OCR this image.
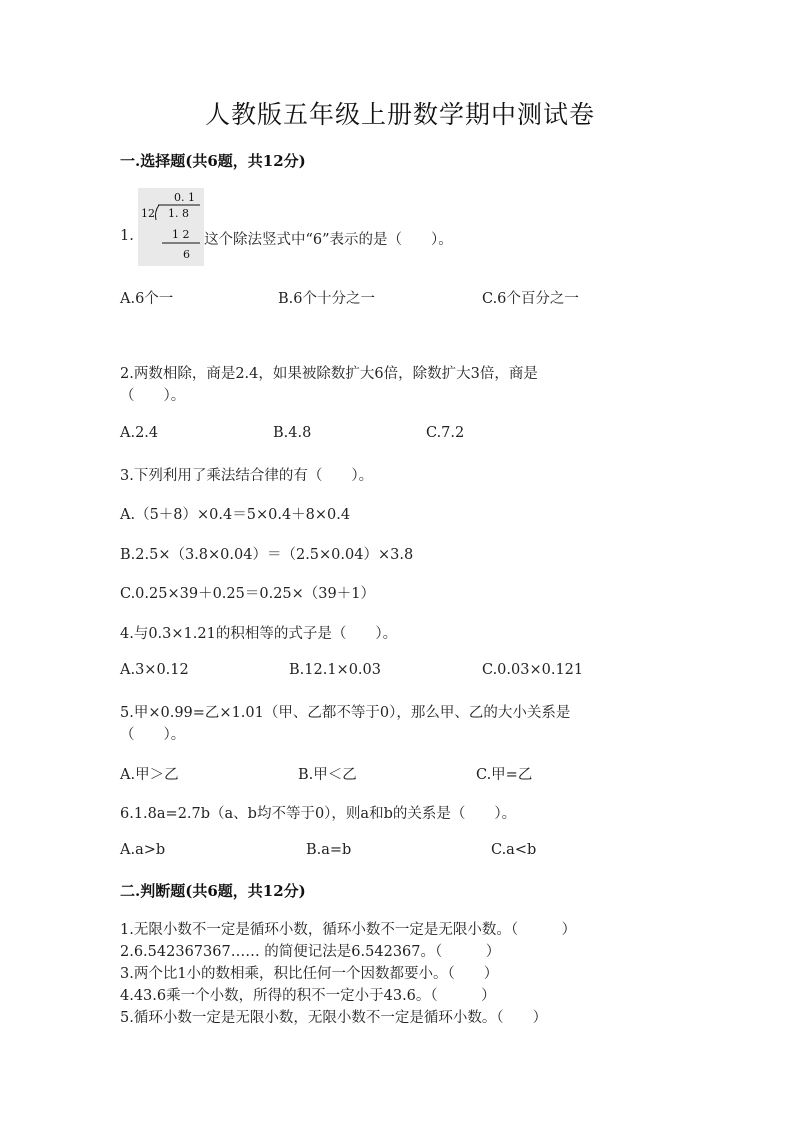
人教版五年级上册数学期中测试卷
一.选择题(共6题，共12分)
0. 1
12 1. 8
1 2
6
1.	这个除法竖式中“6”表示的是（　　）。
A.6个一	B.6个十分之一	C.6个百分之一
2.两数相除，商是2.4，如果被除数扩大6倍，除数扩大3倍，商是
（　　）。
A.2.4	B.4.8	C.7.2
3.下列利用了乘法结合律的有（　　）。
A.（5＋8）×0.4＝5×0.4＋8×0.4
B.2.5×（3.8×0.04）＝（2.5×0.04）×3.8
C.0.25×39＋0.25＝0.25×（39＋1）
4.与0.3×1.21的积相等的式子是（　　）。
A.3×0.12	B.12.1×0.03	C.0.03×0.121
5.甲×0.99=乙×1.01（甲、乙都不等于0），那么甲、乙的大小关系是
（　　）。
A.甲＞乙	B.甲＜乙	C.甲=乙
6.1.8a=2.7b（a、b均不等于0），则a和b的关系是（　　）。
A.a>b	B.a=b	C.a<b
二.判断题(共6题，共12分)
1.无限小数不一定是循环小数，循环小数不一定是无限小数。（　　　）
2.6.542367367…… 的简便记法是6.542367。（　　　）
3.两个比1小的数相乘，积比任何一个因数都要小。（　　）
4.43.6乘一个小数，所得的积不一定小于43.6。（　　　）
5.循环小数一定是无限小数，无限小数不一定是循环小数。（　　）
